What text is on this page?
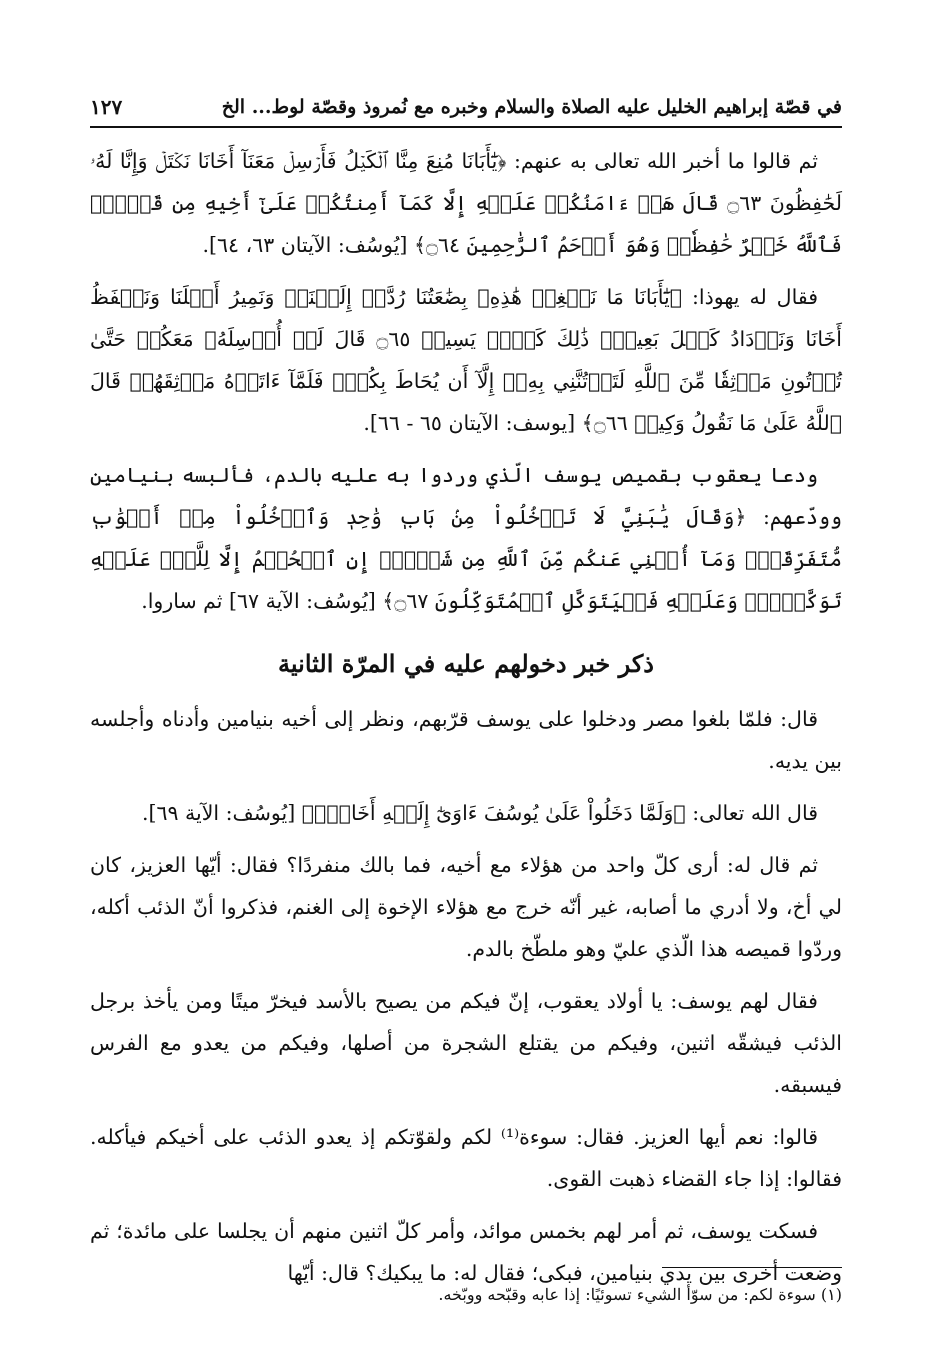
في قصّة إبراهيم الخليل عليه الصلاة والسلام وخبره مع نُمروذ وقصّة لوط... الخ
١٢٧

ثم قالوا ما أخبر الله تعالى به عنهم: ﴿يَٰٓأَبَانَا مُنِعَ مِنَّا ٱلۡكَيۡلُ فَأَرۡسِلۡ مَعَنَآ أَخَانَا نَكۡتَلۡ وَإِنَّا لَهُۥ لَحَٰفِظُونَ ۝٦٣ قَالَ هَلۡ ءَامَنُكُمۡ عَلَيۡهِ إِلَّا كَمَآ أَمِنتُكُمۡ عَلَىٰٓ أَخِيهِ مِن قَبۡلُۖ فَٱللَّهُ خَيۡرٌ حَٰفِظٗاۖ وَهُوَ أَرۡحَمُ ٱلرَّٰحِمِينَ ۝٦٤﴾ [يُوسُف: الآيتان ٦٣، ٦٤].

فقال له يهوذا: ﴿يَٰٓأَبَانَا مَا نَبۡغِيۖ هَٰذِهِۦ بِضَٰعَتُنَا رُدَّتۡ إِلَيۡنَاۖ وَنَمِيرُ أَهۡلَنَا وَنَحۡفَظُ أَخَانَا وَنَزۡدَادُ كَيۡلَ بَعِيرٖۖ ذَٰلِكَ كَيۡلٞ يَسِيرٞ ۝٦٥ قَالَ لَنۡ أُرۡسِلَهُۥ مَعَكُمۡ حَتَّىٰ تُؤۡتُونِ مَوۡثِقٗا مِّنَ ٱللَّهِ لَتَأۡتُنَّنِي بِهِۦٓ إِلَّآ أَن يُحَاطَ بِكُمۡۖ فَلَمَّآ ءَاتَوۡهُ مَوۡثِقَهُمۡ قَالَ ٱللَّهُ عَلَىٰ مَا نَقُولُ وَكِيلٞ ۝٦٦﴾ [يوسف: الآيتان ٦٥ - ٦٦].

ودعا يعقوب بقميص يوسف الّذي وردوا به عليه بالدم، فألبسه بنيامين وودّعهم: ﴿وَقَالَ يَٰبَنِيَّ لَا تَدۡخُلُواْ مِنۢ بَابٖ وَٰحِدٖ وَٱدۡخُلُواْ مِنۡ أَبۡوَٰبٖ مُّتَفَرِّقَةٖۖ وَمَآ أُغۡنِي عَنكُم مِّنَ ٱللَّهِ مِن شَيۡءٍۖ إِنِ ٱلۡحُكۡمُ إِلَّا لِلَّهِۖ عَلَيۡهِ تَوَكَّلۡتُۖ وَعَلَيۡهِ فَلۡيَتَوَكَّلِ ٱلۡمُتَوَكِّلُونَ ۝٦٧﴾ [يُوسُف: الآية ٦٧] ثم ساروا.

ذكر خبر دخولهم عليه في المرّة الثانية

قال: فلمّا بلغوا مصر ودخلوا على يوسف قرّبهم، ونظر إلى أخيه بنيامين وأدناه وأجلسه بين يديه.

قال الله تعالى: ﴿وَلَمَّا دَخَلُواْ عَلَىٰ يُوسُفَ ءَاوَىٰٓ إِلَيۡهِ أَخَاهُۖ﴾ [يُوسُف: الآية ٦٩].

ثم قال له: أرى كلّ واحد من هؤلاء مع أخيه، فما بالك منفردًا؟ فقال: أيّها العزيز، كان لي أخ، ولا أدري ما أصابه، غير أنّه خرج مع هؤلاء الإخوة إلى الغنم، فذكروا أنّ الذئب أكله، وردّوا قميصه هذا الّذي عليّ وهو ملطّخ بالدم.

فقال لهم يوسف: يا أولاد يعقوب، إنّ فيكم من يصيح بالأسد فيخرّ ميتًا ومن يأخذ برجل الذئب فيشقّه اثنين، وفيكم من يقتلع الشجرة من أصلها، وفيكم من يعدو مع الفرس فيسبقه.

قالوا: نعم أيها العزيز. فقال: سوءة⁽¹⁾ لكم ولقوّتكم إذ يعدو الذئب على أخيكم فيأكله. فقالوا: إذا جاء القضاء ذهبت القوى.

فسكت يوسف، ثم أمر لهم بخمس موائد، وأمر كلّ اثنين منهم أن يجلسا على مائدة؛ ثم وضعت أخرى بين يدي بنيامين، فبكى؛ فقال له: ما يبكيك؟ قال: أيّها

(١) سوءة لكم: من سوّأ الشيء تسوئيًا: إذا عابه وقبّحه ووبّخه.
